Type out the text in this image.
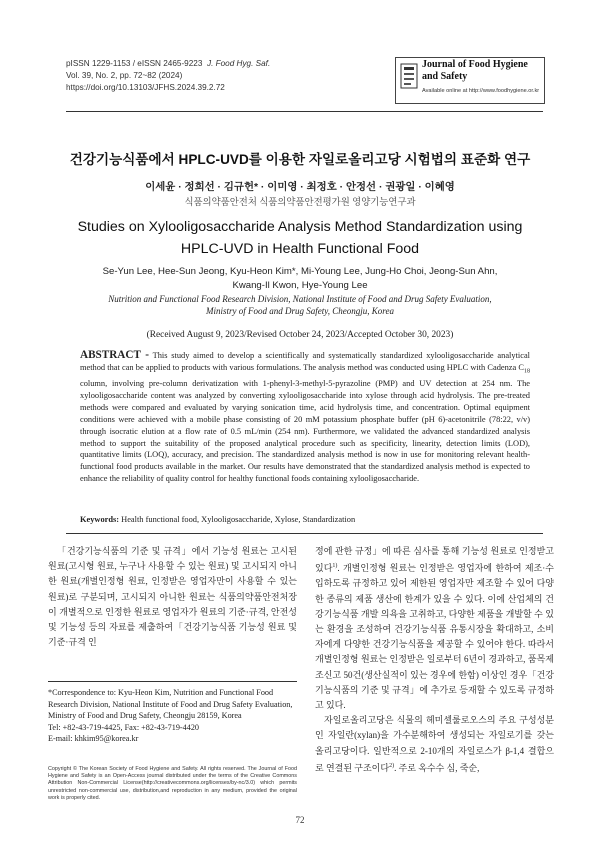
pISSN 1229-1153 / eISSN 2465-9223 J. Food Hyg. Saf.
Vol. 39, No. 2, pp. 72~82 (2024)
https://doi.org/10.13103/JFHS.2024.39.2.72
Journal of Food Hygiene
and Safety
Available online at http://www.foodhygiene.or.kr
건강기능식품에서 HPLC-UVD를 이용한 자일로올리고당 시험법의 표준화 연구
이세윤 · 정희선 · 김규헌* · 이미영 · 최정호 · 안정선 · 권광일 · 이혜영
식품의약품안전처 식품의약품안전평가원 영양기능연구과
Studies on Xylooligosaccharide Analysis Method Standardization using
HPLC-UVD in Health Functional Food
Se-Yun Lee, Hee-Sun Jeong, Kyu-Heon Kim*, Mi-Young Lee, Jung-Ho Choi, Jeong-Sun Ahn,
Kwang-Il Kwon, Hye-Young Lee
Nutrition and Functional Food Research Division, National Institute of Food and Drug Safety Evaluation,
Ministry of Food and Drug Safety, Cheongju, Korea
(Received August 9, 2023/Revised October 24, 2023/Accepted October 30, 2023)
ABSTRACT - This study aimed to develop a scientifically and systematically standardized xylooligosaccharide analytical method that can be applied to products with various formulations. The analysis method was conducted using HPLC with Cadenza $C_{18}$ column, involving pre-column derivatization with 1-phenyl-3-methyl-5-pyrazoline (PMP) and UV detection at 254 nm. The xylooligosaccharide content was analyzed by converting xylooligosaccharide into xylose through acid hydrolysis. The pre-treated methods were compared and evaluated by varying sonication time, acid hydrolysis time, and concentration. Optimal equipment conditions were achieved with a mobile phase consisting of 20 mM potassium phosphate buffer (pH 6)-acetonitrile (78:22, v/v) through isocratic elution at a flow rate of 0.5 mL/min (254 nm). Furthermore, we validated the advanced standardized analysis method to support the suitability of the proposed analytical procedure such as specificity, linearity, detection limits (LOD), quantitative limits (LOQ), accuracy, and precision. The standardized analysis method is now in use for monitoring relevant health-functional food products available in the market. Our results have demonstrated that the standardized analysis method is expected to enhance the reliability of quality control for healthy functional foods containing xylooligosaccharide.
Keywords: Health functional food, Xylooligosaccharide, Xylose, Standardization

「건강기능식품의 기준 및 규격」에서 기능성 원료는 고시된 원료(고시형 원료, 누구나 사용할 수 있는 원료) 및 고시되지 아니한 원료(개별인정형 원료, 인정받은 영업자만이 사용할 수 있는 원료)로 구분되며, 고시되지 아니한 원료는 식품의약품안전처장이 개별적으로 인정한 원료로 영업자가 원료의 기준·규격, 안전성 및 기능성 등의 자료를 제출하여「건강기능식품 기능성 원료 및 기준·규격 인

*Correspondence to: Kyu-Heon Kim, Nutrition and Functional Food Research Division, National Institute of Food and Drug Safety Evaluation, Ministry of Food and Drug Safety, Cheongju 28159, Korea
Tel: +82-43-719-4425, Fax: +82-43-719-4420
E-mail: khkim95@korea.kr
Copyright © The Korean Society of Food Hygiene and Safety. All rights reserved. The Journal of Food Hygiene and Safety is an Open-Access journal distributed under the terms of the Creative Commons Attribution Non-Commercial License(http://creativecommons.org/licenses/by-nc/3.0) which permits unrestricted non-commercial use, distribution,and reproduction in any medium, provided the original work is properly cited.

정에 관한 규정」에 따른 심사를 통해 기능성 원료로 인정받고 있다$^{1)}$. 개별인정형 원료는 인정받은 영업자에 한하여 제조·수입하도록 규정하고 있어 제한된 영업자만 제조할 수 있어 다양한 종류의 제품 생산에 한계가 있을 수 있다. 이에 산업체의 건강기능식품 개발 의욕을 고취하고, 다양한 제품을 개발할 수 있는 환경을 조성하여 건강기능식품 유통시장을 확대하고, 소비자에게 다양한 건강기능식품을 제공할 수 있어야 한다. 따라서 개별인정형 원료는 인정받은 일로부터 6년이 경과하고, 품목제조신고 50건(생산실적이 있는 경우에 한함) 이상인 경우「건강기능식품의 기준 및 규격」에 추가로 등재할 수 있도록 규정하고 있다.

자일로올리고당은 식물의 헤미셀룰로오스의 주요 구성성분인 자일란(xylan)을 가수분해하여 생성되는 자일로기를 갖는 올리고당이다. 일반적으로 2-10개의 자일로스가 β-1,4 결합으로 연결된 구조이다$^{2)}$. 주로 옥수수 심, 죽순,

72
